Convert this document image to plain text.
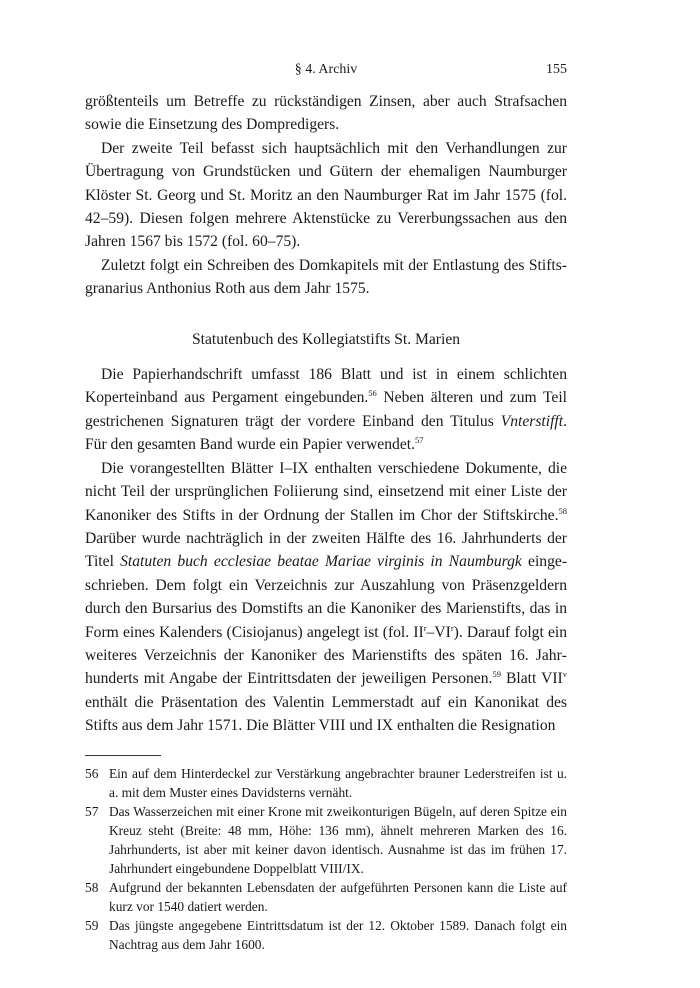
§ 4. Archiv	155

größtenteils um Betreffe zu rückständigen Zinsen, aber auch Strafsachen sowie die Einsetzung des Dompredigers.

Der zweite Teil befasst sich hauptsächlich mit den Verhandlungen zur Übertragung von Grundstücken und Gütern der ehemaligen Naumburger Klöster St. Georg und St. Moritz an den Naumburger Rat im Jahr 1575 (fol. 42–59). Diesen folgen mehrere Aktenstücke zu Vererbungssachen aus den Jahren 1567 bis 1572 (fol. 60–75).

Zuletzt folgt ein Schreiben des Domkapitels mit der Entlastung des Stiftsgranarius Anthonius Roth aus dem Jahr 1575.

Statutenbuch des Kollegiatstifts St. Marien

Die Papierhandschrift umfasst 186 Blatt und ist in einem schlichten Koperteinband aus Pergament eingebunden.$^{56}$ Neben älteren und zum Teil gestrichenen Signaturen trägt der vordere Einband den Titulus Vnterstifft. Für den gesamten Band wurde ein Papier verwendet.$^{57}$

Die vorangestellten Blätter I–IX enthalten verschiedene Dokumente, die nicht Teil der ursprünglichen Foliierung sind, einsetzend mit einer Liste der Kanoniker des Stifts in der Ordnung der Stallen im Chor der Stiftskirche.$^{58}$ Darüber wurde nachträglich in der zweiten Hälfte des 16. Jahrhunderts der Titel Statuten buch ecclesiae beatae Mariae virginis in Naumburgk eingeschrieben. Dem folgt ein Verzeichnis zur Auszahlung von Präsenzgeldern durch den Bursarius des Domstifts an die Kanoniker des Marienstifts, das in Form eines Kalenders (Cisiojanus) angelegt ist (fol. $II^r-VI^r$). Darauf folgt ein weiteres Verzeichnis der Kanoniker des Marienstifts des späten 16. Jahrhunderts mit Angabe der Eintrittsdaten der jeweiligen Personen.$^{59}$ Blatt VII$^v$ enthält die Präsentation des Valentin Lemmerstadt auf ein Kanonikat des Stifts aus dem Jahr 1571. Die Blätter VIII und IX enthalten die Resignation

56 Ein auf dem Hinterdeckel zur Verstärkung angebrachter brauner Lederstreifen ist u. a. mit dem Muster eines Davidsterns vernäht.
57 Das Wasserzeichen mit einer Krone mit zweikonturigen Bügeln, auf deren Spitze ein Kreuz steht (Breite: 48 mm, Höhe: 136 mm), ähnelt mehreren Marken des 16. Jahrhunderts, ist aber mit keiner davon identisch. Ausnahme ist das im frühen 17. Jahrhundert eingebundene Doppelblatt VIII/IX.
58 Aufgrund der bekannten Lebensdaten der aufgeführten Personen kann die Liste auf kurz vor 1540 datiert werden.
59 Das jüngste angegebene Eintrittsdatum ist der 12. Oktober 1589. Danach folgt ein Nachtrag aus dem Jahr 1600.
